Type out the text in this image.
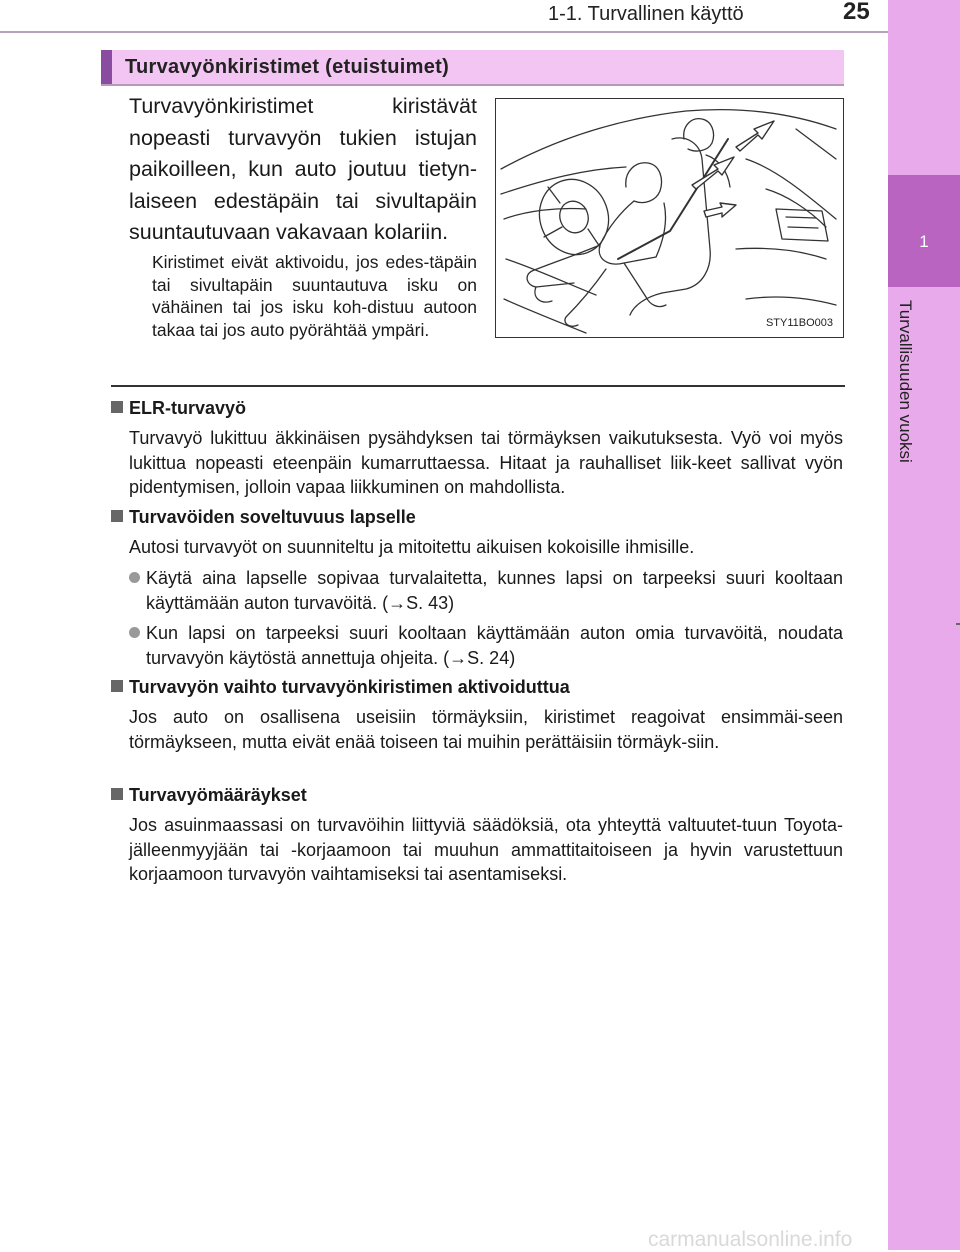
1-1. Turvallinen käyttö	25
1
Turvallisuuden vuoksi
Turvavyönkiristimet (etuistuimet)
Turvavyönkiristimet kiristävät nopeasti turvavyön tukien istujan paikoilleen, kun auto joutuu tietyn-laiseen edestäpäin tai sivultapäin suuntautuvaan vakavaan kolariin.
Kiristimet eivät aktivoidu, jos edes-täpäin tai sivultapäin suuntautuva isku on vähäinen tai jos isku koh-distuu autoon takaa tai jos auto pyörähtää ympäri.	STY11BO003
ELR-turvavyö
Turvavyö lukittuu äkkinäisen pysähdyksen tai törmäyksen vaikutuksesta. Vyö voi myös lukittua nopeasti eteenpäin kumarruttaessa. Hitaat ja rauhalliset liik-keet sallivat vyön pidentymisen, jolloin vapaa liikkuminen on mahdollista.
Turvavöiden soveltuvuus lapselle
Autosi turvavyöt on suunniteltu ja mitoitettu aikuisen kokoisille ihmisille.
Käytä aina lapselle sopivaa turvalaitetta, kunnes lapsi on tarpeeksi suuri kooltaan käyttämään auton turvavöitä. (→S. 43)
Kun lapsi on tarpeeksi suuri kooltaan käyttämään auton omia turvavöitä, noudata turvavyön käytöstä annettuja ohjeita. (→S. 24)
Turvavyön vaihto turvavyönkiristimen aktivoiduttua
Jos auto on osallisena useisiin törmäyksiin, kiristimet reagoivat ensimmäi-seen törmäykseen, mutta eivät enää toiseen tai muihin perättäisiin törmäyk-siin.
Turvavyömääräykset
Jos asuinmaassasi on turvavöihin liittyviä säädöksiä, ota yhteyttä valtuutet-tuun Toyota-jälleenmyyjään tai -korjaamoon tai muuhun ammattitaitoiseen ja hyvin varustettuun korjaamoon turvavyön vaihtamiseksi tai asentamiseksi.
carmanualsonline.info
